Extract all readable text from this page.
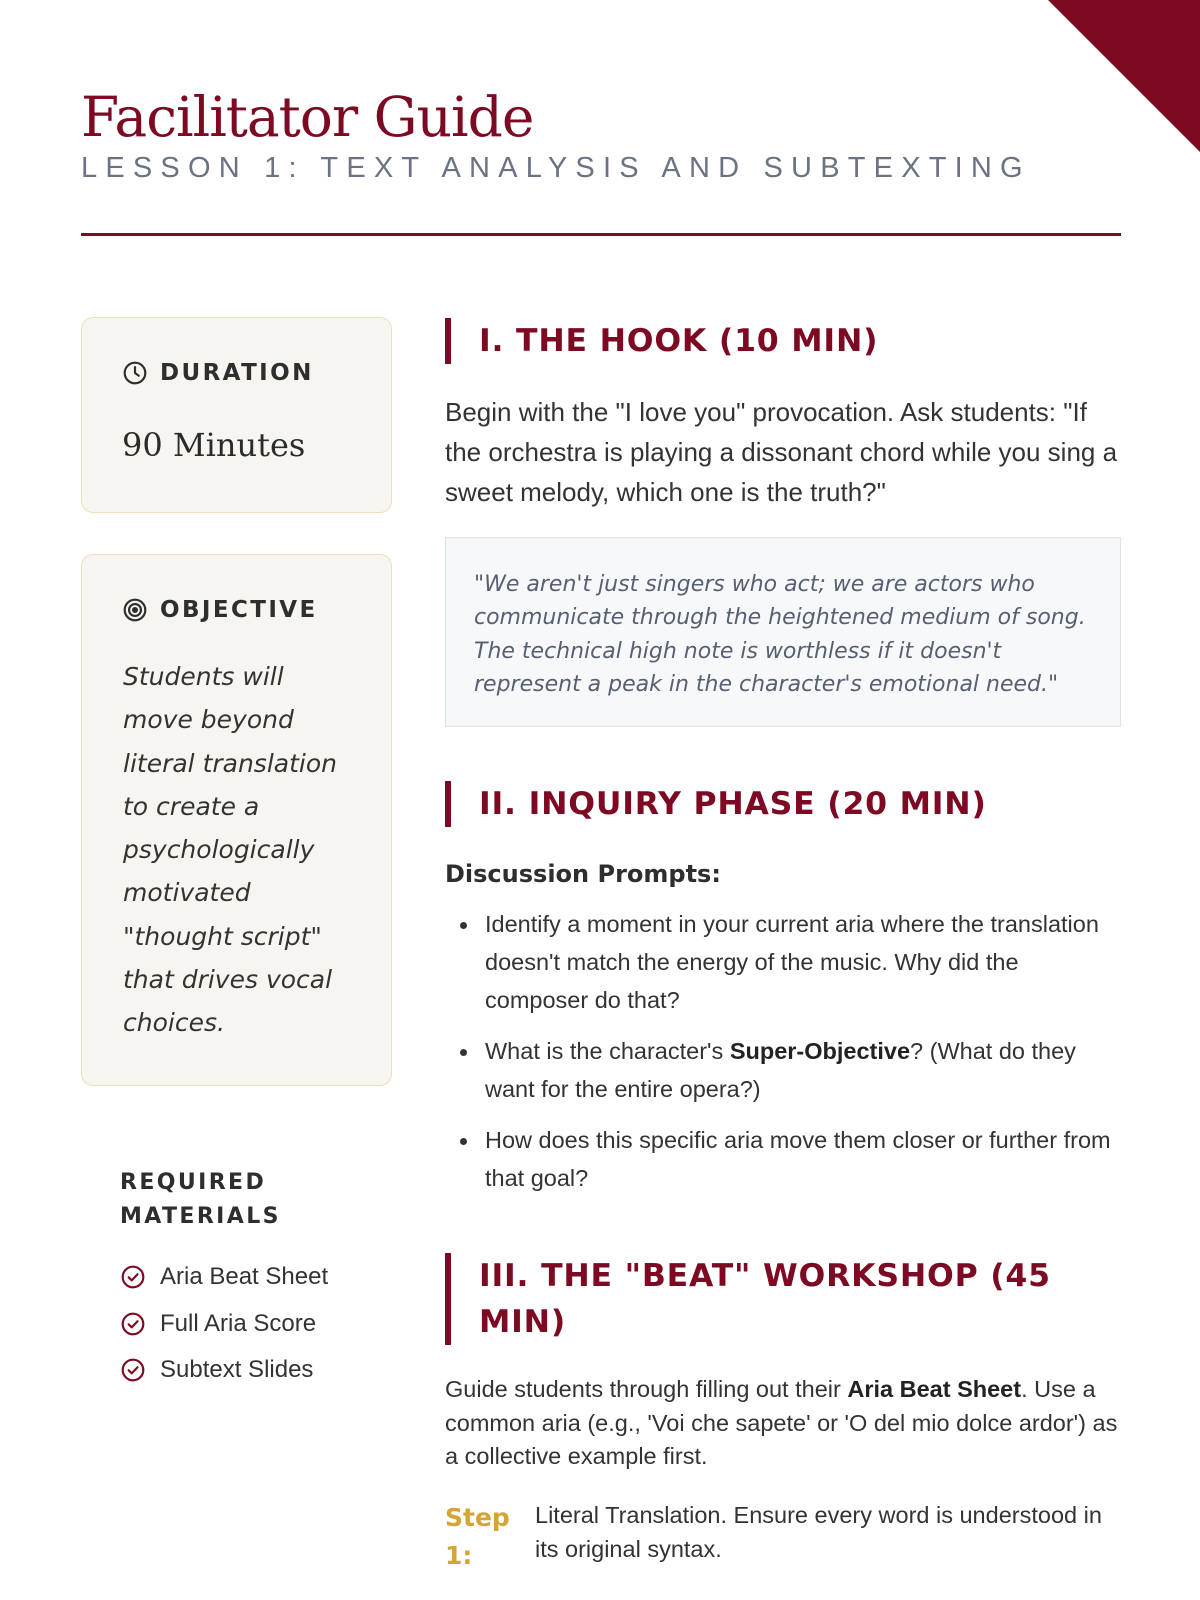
Facilitator Guide
LESSON 1: TEXT ANALYSIS AND SUBTEXTING
DURATION
90 Minutes
OBJECTIVE
Students will move beyond literal translation to create a psychologically motivated "thought script" that drives vocal choices.
REQUIRED MATERIALS
Aria Beat Sheet
Full Aria Score
Subtext Slides
I. THE HOOK (10 MIN)

Begin with the "I love you" provocation. Ask students: "If the orchestra is playing a dissonant chord while you sing a sweet melody, which one is the truth?"

"We aren't just singers who act; we are actors who communicate through the heightened medium of song. The technical high note is worthless if it doesn't represent a peak in the character's emotional need."
II. INQUIRY PHASE (20 MIN)
Discussion Prompts:
Identify a moment in your current aria where the translation doesn't match the energy of the music. Why did the composer do that?
What is the character's Super-Objective? (What do they want for the entire opera?)
How does this specific aria move them closer or further from that goal?
III. THE "BEAT" WORKSHOP (45 MIN)

Guide students through filling out their Aria Beat Sheet. Use a common aria (e.g., 'Voi che sapete' or 'O del mio dolce ardor') as a collective example first.

Step 1:
Literal Translation. Ensure every word is understood in its original syntax.
